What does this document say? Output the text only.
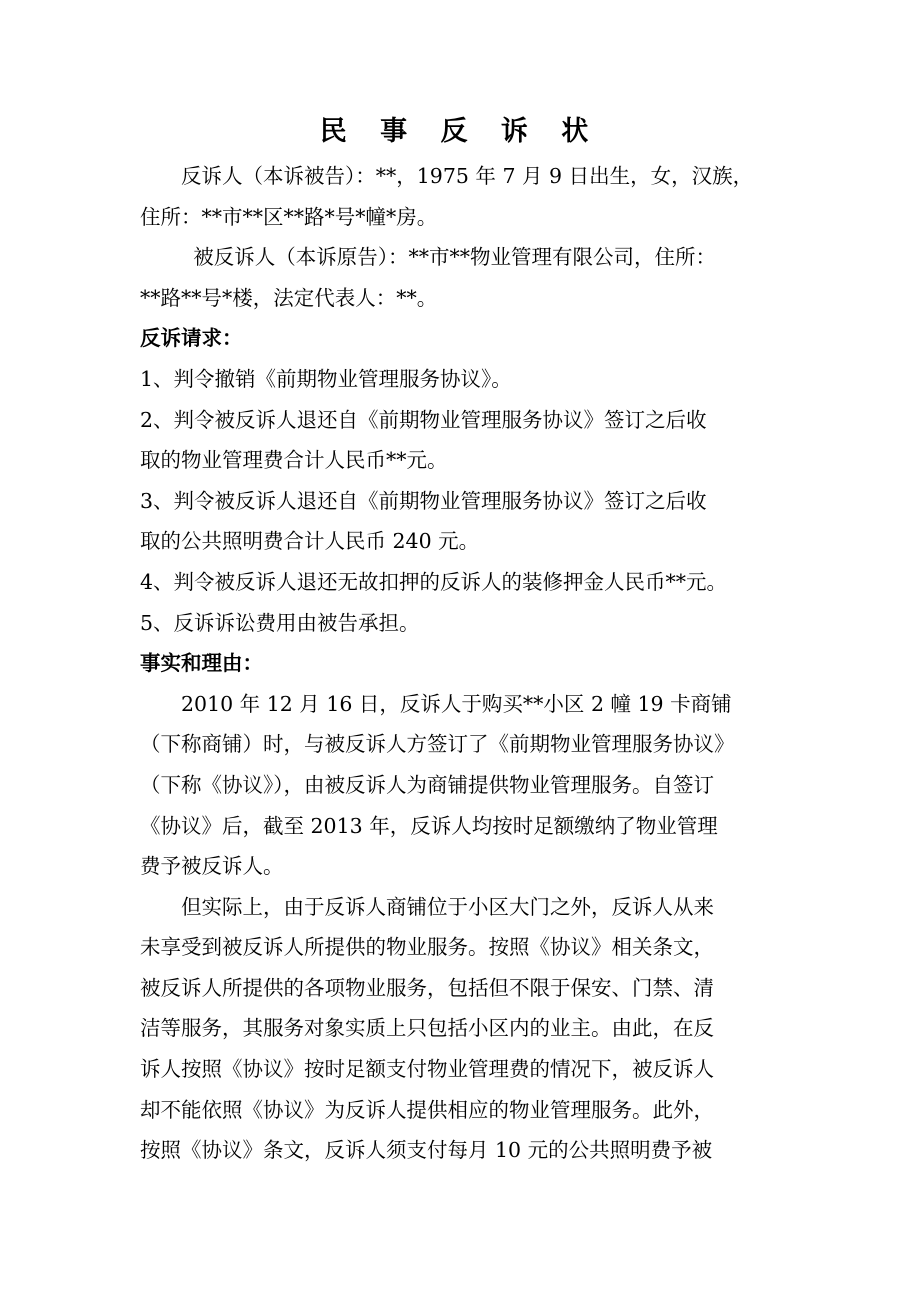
民 事 反 诉 状

反诉人（本诉被告）：**，1975 年 7 月 9 日出生，女，汉族，

住所：**市**区**路*号*幢*房。

被反诉人（本诉原告）：**市**物业管理有限公司，住所：

**路**号*楼，法定代表人：**。

反诉请求：

1、判令撤销《前期物业管理服务协议》。

2、判令被反诉人退还自《前期物业管理服务协议》签订之后收

取的物业管理费合计人民币**元。

3、判令被反诉人退还自《前期物业管理服务协议》签订之后收

取的公共照明费合计人民币 240 元。

4、判令被反诉人退还无故扣押的反诉人的装修押金人民币**元。

5、反诉诉讼费用由被告承担。

事实和理由：

2010 年 12 月 16 日，反诉人于购买**小区 2 幢 19 卡商铺

（下称商铺）时，与被反诉人方签订了《前期物业管理服务协议》

（下称《协议》），由被反诉人为商铺提供物业管理服务。自签订

《协议》后，截至 2013 年，反诉人均按时足额缴纳了物业管理

费予被反诉人。

但实际上，由于反诉人商铺位于小区大门之外，反诉人从来

未享受到被反诉人所提供的物业服务。按照《协议》相关条文，

被反诉人所提供的各项物业服务，包括但不限于保安、门禁、清

洁等服务，其服务对象实质上只包括小区内的业主。由此，在反

诉人按照《协议》按时足额支付物业管理费的情况下，被反诉人

却不能依照《协议》为反诉人提供相应的物业管理服务。此外，

按照《协议》条文，反诉人须支付每月 10 元的公共照明费予被
